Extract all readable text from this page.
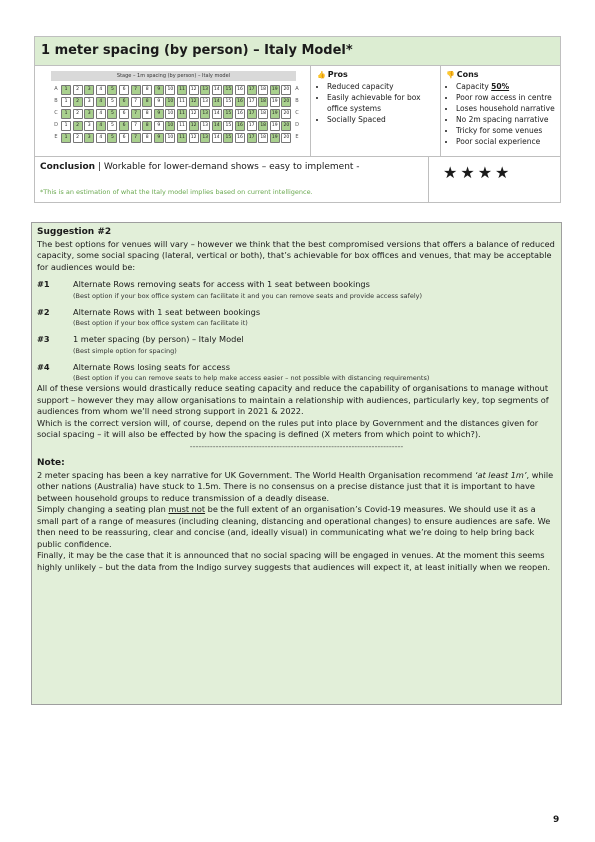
1 meter spacing (by person) – Italy Model*
Stage – 1m spacing (by person) – Italy model
A	1	2	3	4	5	6	7	8	9	10	11	12	13	14	15	16	17	18	19	20	A
B	1	2	3	4	5	6	7	8	9	10	11	12	13	14	15	16	17	18	19	20	B
C	1	2	3	4	5	6	7	8	9	10	11	12	13	14	15	16	17	18	19	20	C
D	1	2	3	4	5	6	7	8	9	10	11	12	13	14	15	16	17	18	19	20	D
E	1	2	3	4	5	6	7	8	9	10	11	12	13	14	15	16	17	18	19	20	E
👍 Pros
• Reduced capacity
• Easily achievable for box office systems
• Socially Spaced
👎 Cons
• Capacity 50%
• Poor row access in centre
• Loses household narrative
• No 2m spacing narrative
• Tricky for some venues
• Poor social experience
Conclusion | Workable for lower-demand shows – easy to implement -
*This is an estimation of what the Italy model implies based on current intelligence.
★★★★

Suggestion #2

The best options for venues will vary – however we think that the best compromised versions that offers a balance of reduced capacity, some social spacing (lateral, vertical or both), that’s achievable for box offices and venues, that may be acceptable for audiences would be:

#1	Alternate Rows removing seats for access with 1 seat between bookings
(Best option if your box office system can facilitate it and you can remove seats and provide access safely)
#2	Alternate Rows with 1 seat between bookings
(Best option if your box office system can facilitate it)
#3	1 meter spacing (by person) – Italy Model
(Best simple option for spacing)
#4	Alternate Rows losing seats for access
(Best option if you can remove seats to help make access easier – not possible with distancing requirements)

All of these versions would drastically reduce seating capacity and reduce the capability of organisations to manage without support – however they may allow organisations to maintain a relationship with audiences, particularly key, top segments of audiences from whom we’ll need strong support in 2021 & 2022.

Which is the correct version will, of course, depend on the rules put into place by Government and the distances given for social spacing – it will also be effected by how the spacing is defined (X meters from which point to which?).

--------------------------------------------------------------------------

Note:

2 meter spacing has been a key narrative for UK Government. The World Health Organisation recommend ‘at least 1m’, while other nations (Australia) have stuck to 1.5m. There is no consensus on a precise distance just that it is important to have between household groups to reduce transmission of a deadly disease.

Simply changing a seating plan must not be the full extent of an organisation’s Covid-19 measures. We should use it as a small part of a range of measures (including cleaning, distancing and operational changes) to ensure audiences are safe. We then need to be reassuring, clear and concise (and, ideally visual) in communicating what we’re doing to help bring back public confidence.

Finally, it may be the case that it is announced that no social spacing will be engaged in venues. At the moment this seems highly unlikely – but the data from the Indigo survey suggests that audiences will expect it, at least initially when we reopen.

9
